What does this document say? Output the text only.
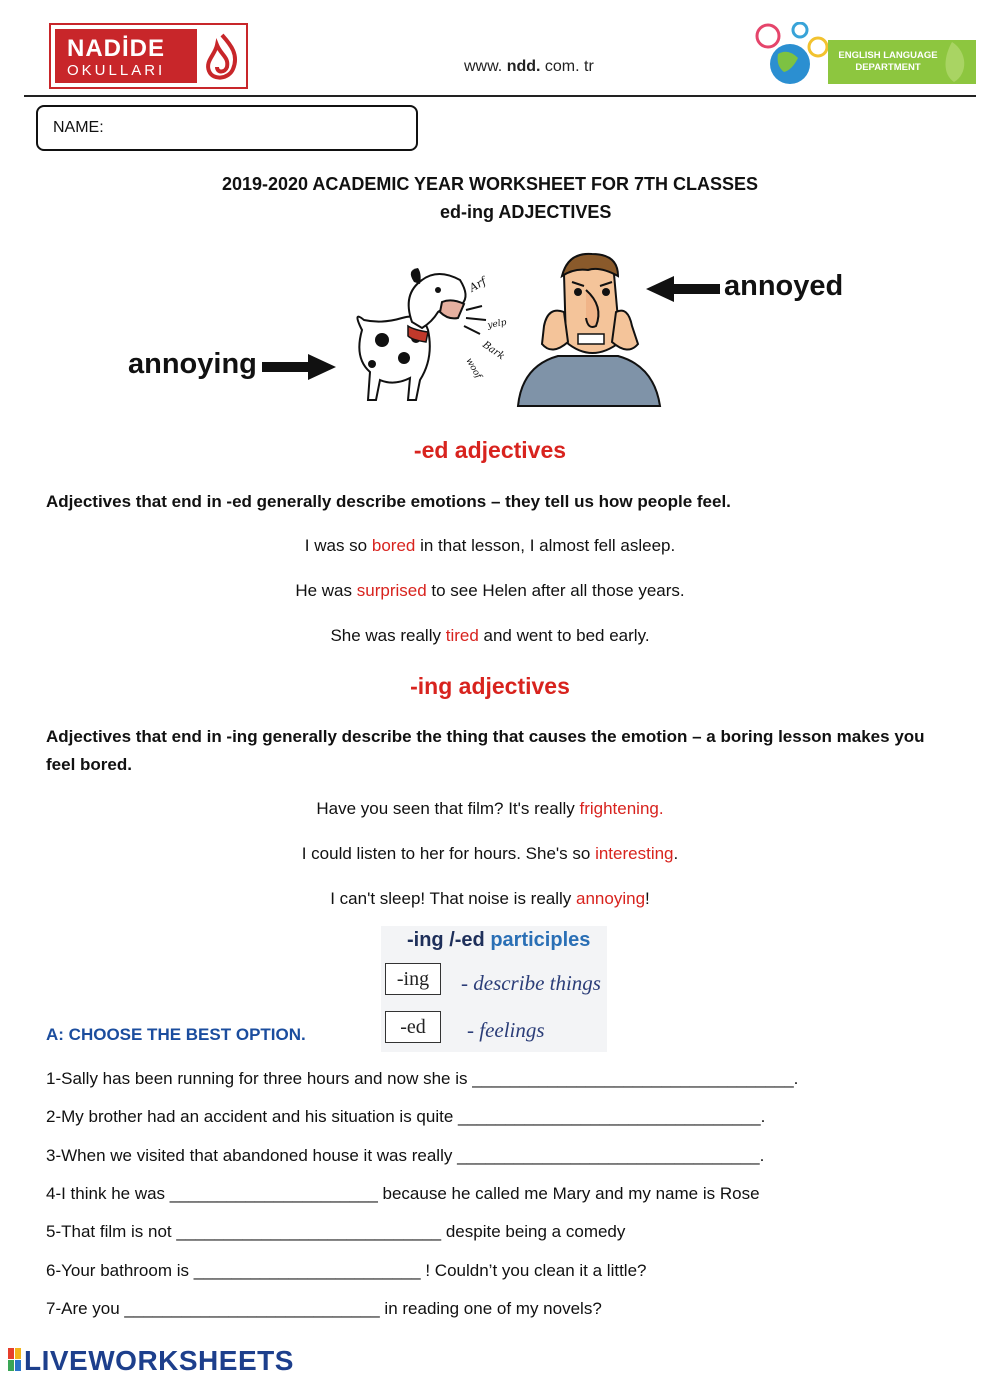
NADİDE
OKULLARI	www. ndd. com. tr
ENGLISH LANGUAGE
DEPARTMENT
NAME:
2019-2020 ACADEMIC YEAR WORKSHEET FOR 7TH CLASSES
ed-ing ADJECTIVES
annoying
Arf
yelp
Bark
woof
annoyed
-ed adjectives
Adjectives that end in -ed generally describe emotions – they tell us how people feel.
I was so bored in that lesson, I almost fell asleep.
He was surprised to see Helen after all those years.
She was really tired and went to bed early.
-ing adjectives
Adjectives that end in -ing generally describe the thing that causes the emotion – a boring lesson makes you feel bored.
Have you seen that film? It's really frightening.
I could listen to her for hours. She's so interesting.
I can't sleep! That noise is really annoying!
-ing /-ed participles
-ing	- describe things
-ed	- feelings
A: CHOOSE THE BEST OPTION.
1-Sally has been running for three hours and now she is __________________________________.
2-My brother had an accident and his situation is quite ________________________________.
3-When we visited that abandoned house it was really ________________________________.
4-I think he was ______________________ because he called me Mary and my name is Rose
5-That film is not ____________________________ despite being a comedy
6-Your bathroom is ________________________ ! Couldn’t you clean it a little?
7-Are you ___________________________ in reading one of my novels?
LIVEWORKSHEETS
